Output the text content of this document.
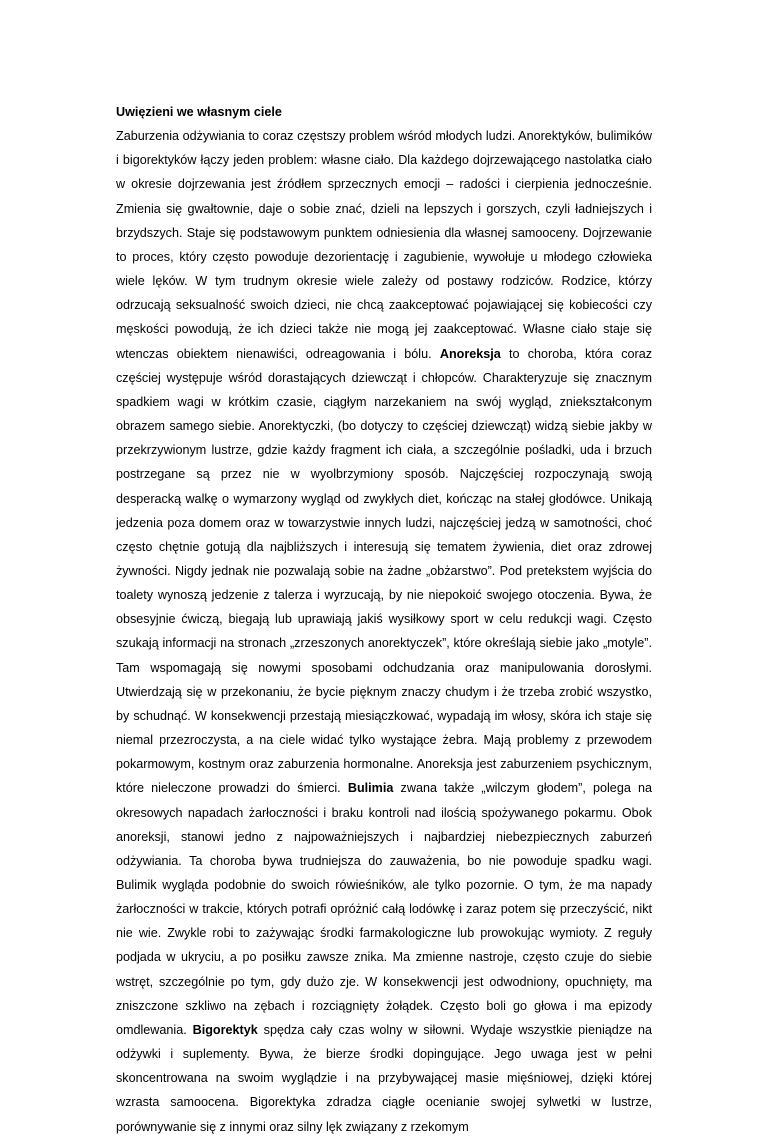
Uwięzieni we własnym ciele

Zaburzenia odżywiania to coraz częstszy problem wśród młodych ludzi. Anorektyków, bulimików i bigorektyków łączy jeden problem: własne ciało. Dla każdego dojrzewającego nastolatka ciało w okresie dojrzewania jest źródłem sprzecznych emocji – radości i cierpienia jednocześnie. Zmienia się gwałtownie, daje o sobie znać, dzieli na lepszych i gorszych, czyli ładniejszych i brzydszych. Staje się podstawowym punktem odniesienia dla własnej samooceny. Dojrzewanie to proces, który często powoduje dezorientację i zagubienie, wywołuje u młodego człowieka wiele lęków. W tym trudnym okresie wiele zależy od postawy rodziców. Rodzice, którzy odrzucają seksualność swoich dzieci, nie chcą zaakceptować pojawiającej się kobiecości czy męskości powodują, że ich dzieci także nie mogą jej zaakceptować. Własne ciało staje się wtenczas obiektem nienawiści, odreagowania i bólu. Anoreksja to choroba, która coraz częściej występuje wśród dorastających dziewcząt i chłopców. Charakteryzuje się znacznym spadkiem wagi w krótkim czasie, ciągłym narzekaniem na swój wygląd, zniekształconym obrazem samego siebie. Anorektyczki, (bo dotyczy to częściej dziewcząt) widzą siebie jakby w przekrzywionym lustrze, gdzie każdy fragment ich ciała, a szczególnie pośladki, uda i brzuch postrzegane są przez nie w wyolbrzymiony sposób. Najczęściej rozpoczynają swoją desperacką walkę o wymarzony wygląd od zwykłych diet, kończąc na stałej głodówce. Unikają jedzenia poza domem oraz w towarzystwie innych ludzi, najczęściej jedzą w samotności, choć często chętnie gotują dla najbliższych i interesują się tematem żywienia, diet oraz zdrowej żywności. Nigdy jednak nie pozwalają sobie na żadne „obżarstwo”. Pod pretekstem wyjścia do toalety wynoszą jedzenie z talerza i wyrzucają, by nie niepokoić swojego otoczenia. Bywa, że obsesyjnie ćwiczą, biegają lub uprawiają jakiś wysiłkowy sport w celu redukcji wagi. Często szukają informacji na stronach „zrzeszonych anorektyczek”, które określają siebie jako „motyle”. Tam wspomagają się nowymi sposobami odchudzania oraz manipulowania dorosłymi. Utwierdzają się w przekonaniu, że bycie pięknym znaczy chudym i że trzeba zrobić wszystko, by schudnąć. W konsekwencji przestają miesiączkować, wypadają im włosy, skóra ich staje się niemal przezroczysta, a na ciele widać tylko wystające żebra. Mają problemy z przewodem pokarmowym, kostnym oraz zaburzenia hormonalne. Anoreksja jest zaburzeniem psychicznym, które nieleczone prowadzi do śmierci. Bulimia zwana także „wilczym głodem”, polega na okresowych napadach żarłoczności i braku kontroli nad ilością spożywanego pokarmu. Obok anoreksji, stanowi jedno z najpoważniejszych i najbardziej niebezpiecznych zaburzeń odżywiania. Ta choroba bywa trudniejsza do zauważenia, bo nie powoduje spadku wagi. Bulimik wygląda podobnie do swoich rówieśników, ale tylko pozornie. O tym, że ma napady żarłoczności w trakcie, których potrafi opróżnić całą lodówkę i zaraz potem się przeczyścić, nikt nie wie. Zwykle robi to zażywając środki farmakologiczne lub prowokując wymioty. Z reguły podjada w ukryciu, a po posiłku zawsze znika. Ma zmienne nastroje, często czuje do siebie wstręt, szczególnie po tym, gdy dużo zje. W konsekwencji jest odwodniony, opuchnięty, ma zniszczone szkliwo na zębach i rozciągnięty żołądek. Często boli go głowa i ma epizody omdlewania. Bigorektyk spędza cały czas wolny w siłowni. Wydaje wszystkie pieniądze na odżywki i suplementy. Bywa, że bierze środki dopingujące. Jego uwaga jest w pełni skoncentrowana na swoim wyglądzie i na przybywającej masie mięśniowej, dzięki której wzrasta samoocena. Bigorektyka zdradza ciągłe ocenianie swojej sylwetki w lustrze, porównywanie się z innymi oraz silny lęk związany z rzekomym
